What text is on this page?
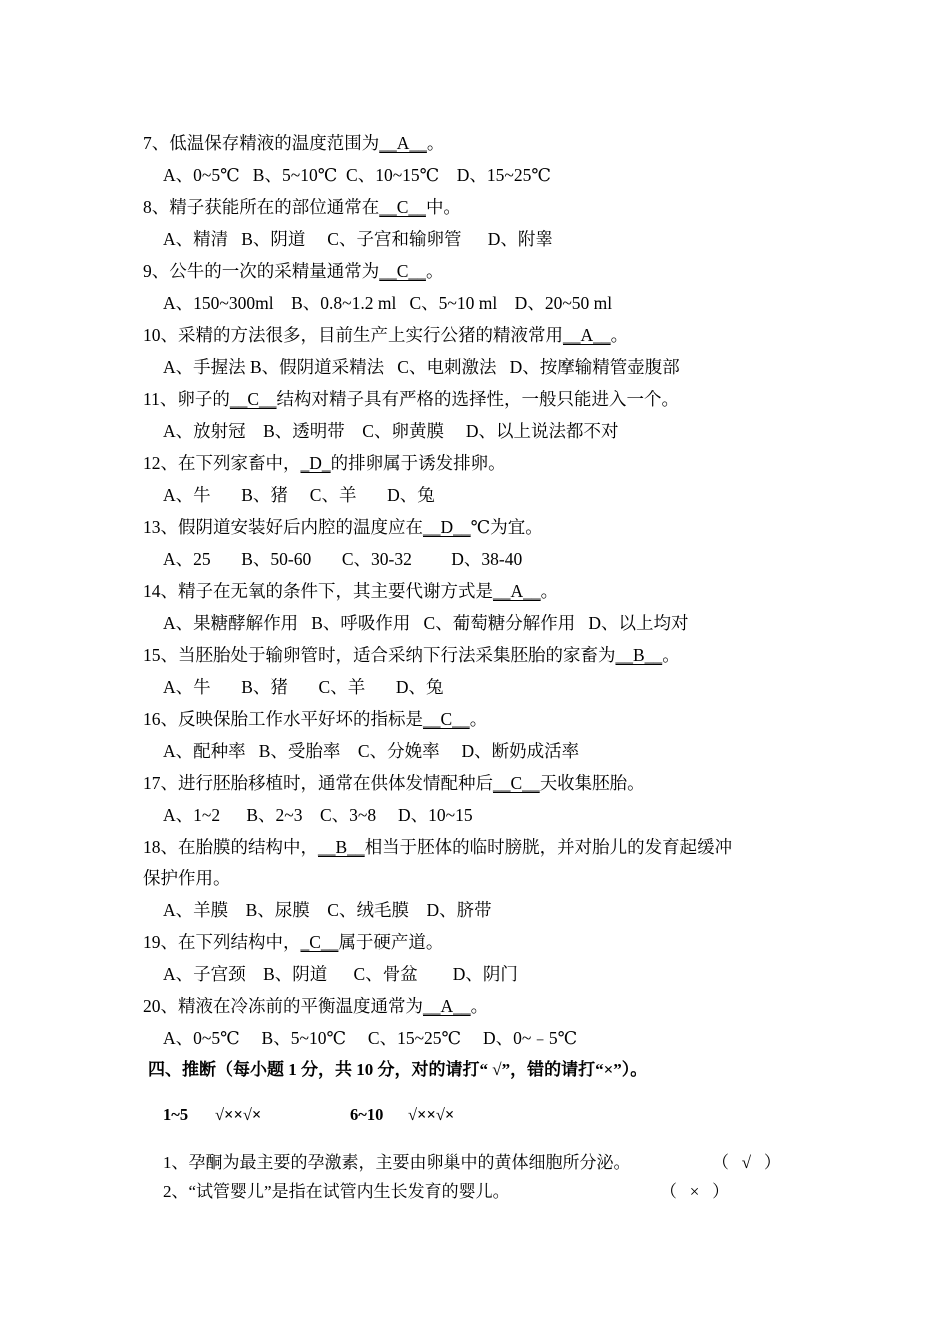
7、低温保存精液的温度范围为__A__。
A、0~5℃   B、5~10℃  C、10~15℃    D、15~25℃
8、精子获能所在的部位通常在__C__中。
A、精清   B、阴道     C、子宫和输卵管      D、附睾
9、公牛的一次的采精量通常为__C__。
A、150~300ml    B、0.8~1.2 ml   C、5~10 ml    D、20~50 ml
10、采精的方法很多，目前生产上实行公猪的精液常用__A__。
A、手握法 B、假阴道采精法   C、电刺激法   D、按摩输精管壶腹部
11、卵子的__C__结构对精子具有严格的选择性，一般只能进入一个。
A、放射冠    B、透明带    C、卵黄膜     D、以上说法都不对
12、在下列家畜中，_D_的排卵属于诱发排卵。
A、牛       B、猪     C、羊       D、兔
13、假阴道安装好后内腔的温度应在__D__℃为宜。
A、25       B、50-60       C、30-32         D、38-40
14、精子在无氧的条件下，其主要代谢方式是__A__。
A、果糖酵解作用   B、呼吸作用   C、葡萄糖分解作用   D、以上均对
15、当胚胎处于输卵管时，适合采纳下行法采集胚胎的家畜为__B__。
A、牛       B、猪       C、羊       D、兔
16、反映保胎工作水平好坏的指标是__C__。
A、配种率   B、受胎率    C、分娩率     D、断奶成活率
17、进行胚胎移植时，通常在供体发情配种后__C__天收集胚胎。
A、1~2      B、2~3    C、3~8     D、10~15
18、在胎膜的结构中，__B__相当于胚体的临时膀胱，并对胎儿的发育起缓冲
保护作用。
A、羊膜    B、尿膜    C、绒毛膜    D、脐带
19、在下列结构中，_C__属于硬产道。
A、子宫颈    B、阴道      C、骨盆        D、阴门
20、精液在冷冻前的平衡温度通常为__A__。
A、0~5℃     B、5~10℃     C、15~25℃     D、0~﹣5℃
四、推断（每小题 1 分，共 10 分，对的请打“ √”，错的请打“×”）。
1~5 √××√×	6~10 √××√×
1、孕酮为最主要的孕激素，主要由卵巢中的黄体细胞所分泌。	（   √   ）
2、“试管婴儿”是指在试管内生长发育的婴儿。	（   ×   ）
